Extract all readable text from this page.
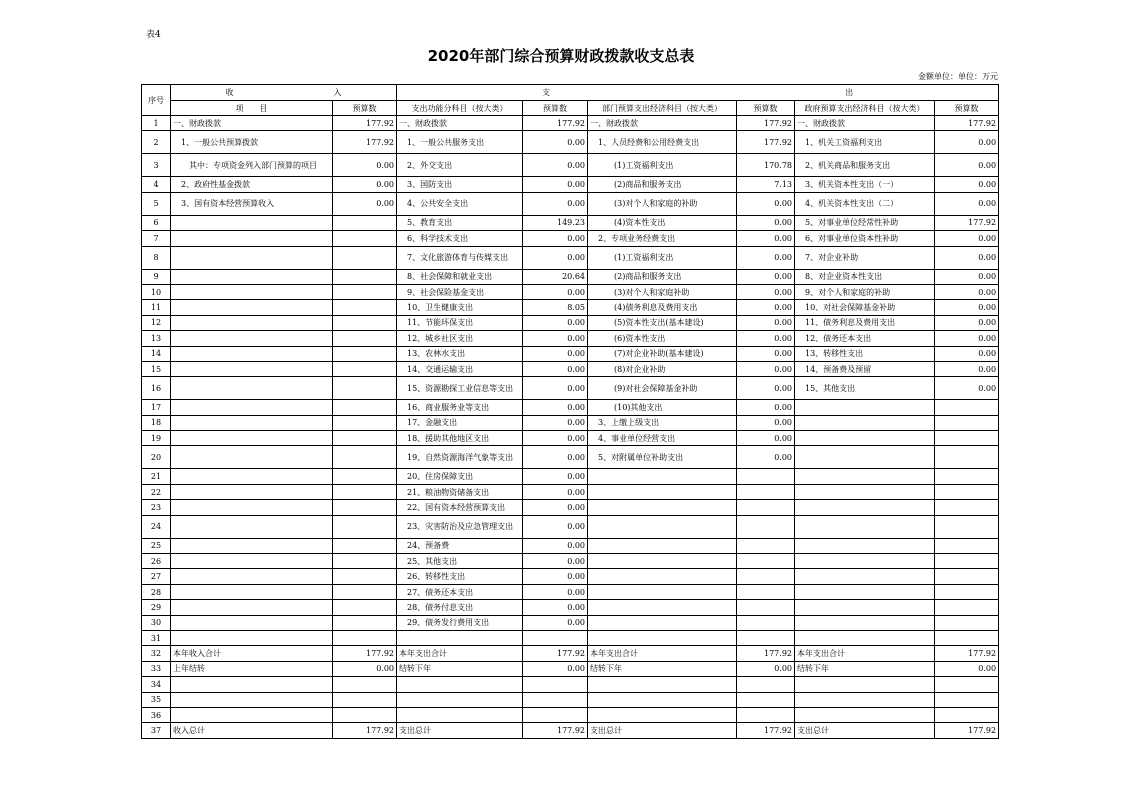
表4
2020年部门综合预算财政拨款收支总表
金额单位：单位：万元
序号	收 入		支 出					
	项　　目	预算数	支出功能分科目（按大类）	预算数	部门预算支出经济科目（按大类）	预算数	政府预算支出经济科目（按大类）	预算数
1	一、财政拨款	177.92	一、财政拨款	177.92	一、财政拨款	177.92	一、财政拨款	177.92
2	　1、一般公共预算拨款	177.92	　1、一般公共服务支出	0.00	　1、人员经费和公用经费支出	177.92	　1、机关工资福利支出	0.00
3	　　其中：专项资金列入部门预算的项目	0.00	　2、外交支出	0.00	　　　(1)工资福利支出	170.78	　2、机关商品和服务支出	0.00
4	　2、政府性基金拨款	0.00	　3、国防支出	0.00	　　　(2)商品和服务支出	7.13	　3、机关资本性支出（一）	0.00
5	　3、国有资本经营预算收入	0.00	　4、公共安全支出	0.00	　　　(3)对个人和家庭的补助	0.00	　4、机关资本性支出（二）	0.00
6			　5、教育支出	149.23	　　　(4)资本性支出	0.00	　5、对事业单位经常性补助	177.92
7			　6、科学技术支出	0.00	　2、专项业务经费支出	0.00	　6、对事业单位资本性补助	0.00
8			　7、文化旅游体育与传媒支出	0.00	　　　(1)工资福利支出	0.00	　7、对企业补助	0.00
9			　8、社会保障和就业支出	20.64	　　　(2)商品和服务支出	0.00	　8、对企业资本性支出	0.00
10			　9、社会保险基金支出	0.00	　　　(3)对个人和家庭补助	0.00	　9、对个人和家庭的补助	0.00
11			　10、卫生健康支出	8.05	　　　(4)债务利息及费用支出	0.00	　10、对社会保障基金补助	0.00
12			　11、节能环保支出	0.00	　　　(5)资本性支出(基本建设)	0.00	　11、债务利息及费用支出	0.00
13			　12、城乡社区支出	0.00	　　　(6)资本性支出	0.00	　12、债务还本支出	0.00
14			　13、农林水支出	0.00	　　　(7)对企业补助(基本建设)	0.00	　13、转移性支出	0.00
15			　14、交通运输支出	0.00	　　　(8)对企业补助	0.00	　14、预备费及预留	0.00
16			　15、资源勘探工业信息等支出	0.00	　　　(9)对社会保障基金补助	0.00	　15、其他支出	0.00
17			　16、商业服务业等支出	0.00	　　　(10)其他支出	0.00		
18			　17、金融支出	0.00	　3、上缴上级支出	0.00		
19			　18、援助其他地区支出	0.00	　4、事业单位经营支出	0.00		
20			　19、自然资源海洋气象等支出	0.00	　5、对附属单位补助支出	0.00		
21			　20、住房保障支出	0.00				
22			　21、粮油物资储备支出	0.00				
23			　22、国有资本经营预算支出	0.00				
24			　23、灾害防治及应急管理支出	0.00				
25			　24、预备费	0.00				
26			　25、其他支出	0.00				
27			　26、转移性支出	0.00				
28			　27、债务还本支出	0.00				
29			　28、债务付息支出	0.00				
30			　29、债务发行费用支出	0.00				
31								
32	本年收入合计	177.92	本年支出合计	177.92	本年支出合计	177.92	本年支出合计	177.92
33	上年结转	0.00	结转下年	0.00	结转下年	0.00	结转下年	0.00
34								
35								
36								
37	收入总计	177.92	支出总计	177.92	支出总计	177.92	支出总计	177.92
